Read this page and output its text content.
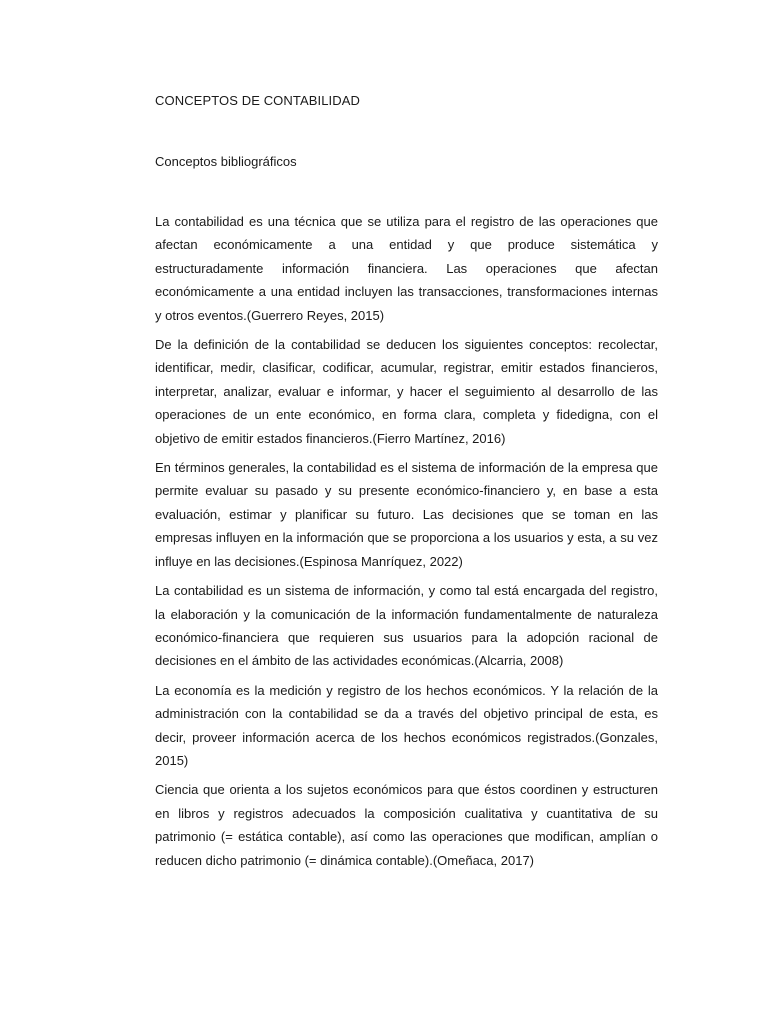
CONCEPTOS DE CONTABILIDAD
Conceptos bibliográficos

La contabilidad es una técnica que se utiliza para el registro de las operaciones que afectan económicamente a una entidad y que produce sistemática y estructuradamente información financiera. Las operaciones que afectan económicamente a una entidad incluyen las transacciones, transformaciones internas y otros eventos.(Guerrero Reyes, 2015)

De la definición de la contabilidad se deducen los siguientes conceptos: recolectar, identificar, medir, clasificar, codificar, acumular, registrar, emitir estados financieros, interpretar, analizar, evaluar e informar, y hacer el seguimiento al desarrollo de las operaciones de un ente económico, en forma clara, completa y fidedigna, con el objetivo de emitir estados financieros.(Fierro Martínez, 2016)

En términos generales, la contabilidad es el sistema de información de la empresa que permite evaluar su pasado y su presente económico-financiero y, en base a esta evaluación, estimar y planificar su futuro. Las decisiones que se toman en las empresas influyen en la información que se proporciona a los usuarios y esta, a su vez influye en las decisiones.(Espinosa Manríquez, 2022)

La contabilidad es un sistema de información, y como tal está encargada del registro, la elaboración y la comunicación de la información fundamentalmente de naturaleza económico-financiera que requieren sus usuarios para la adopción racional de decisiones en el ámbito de las actividades económicas.(Alcarria, 2008)

La economía es la medición y registro de los hechos económicos. Y la relación de la administración con la contabilidad se da a través del objetivo principal de esta, es decir, proveer información acerca de los hechos económicos registrados.(Gonzales, 2015)

Ciencia que orienta a los sujetos económicos para que éstos coordinen y estructuren en libros y registros adecuados la composición cualitativa y cuantitativa de su patrimonio (= estática contable), así como las operaciones que modifican, amplían o reducen dicho patrimonio (= dinámica contable).(Omeñaca, 2017)
